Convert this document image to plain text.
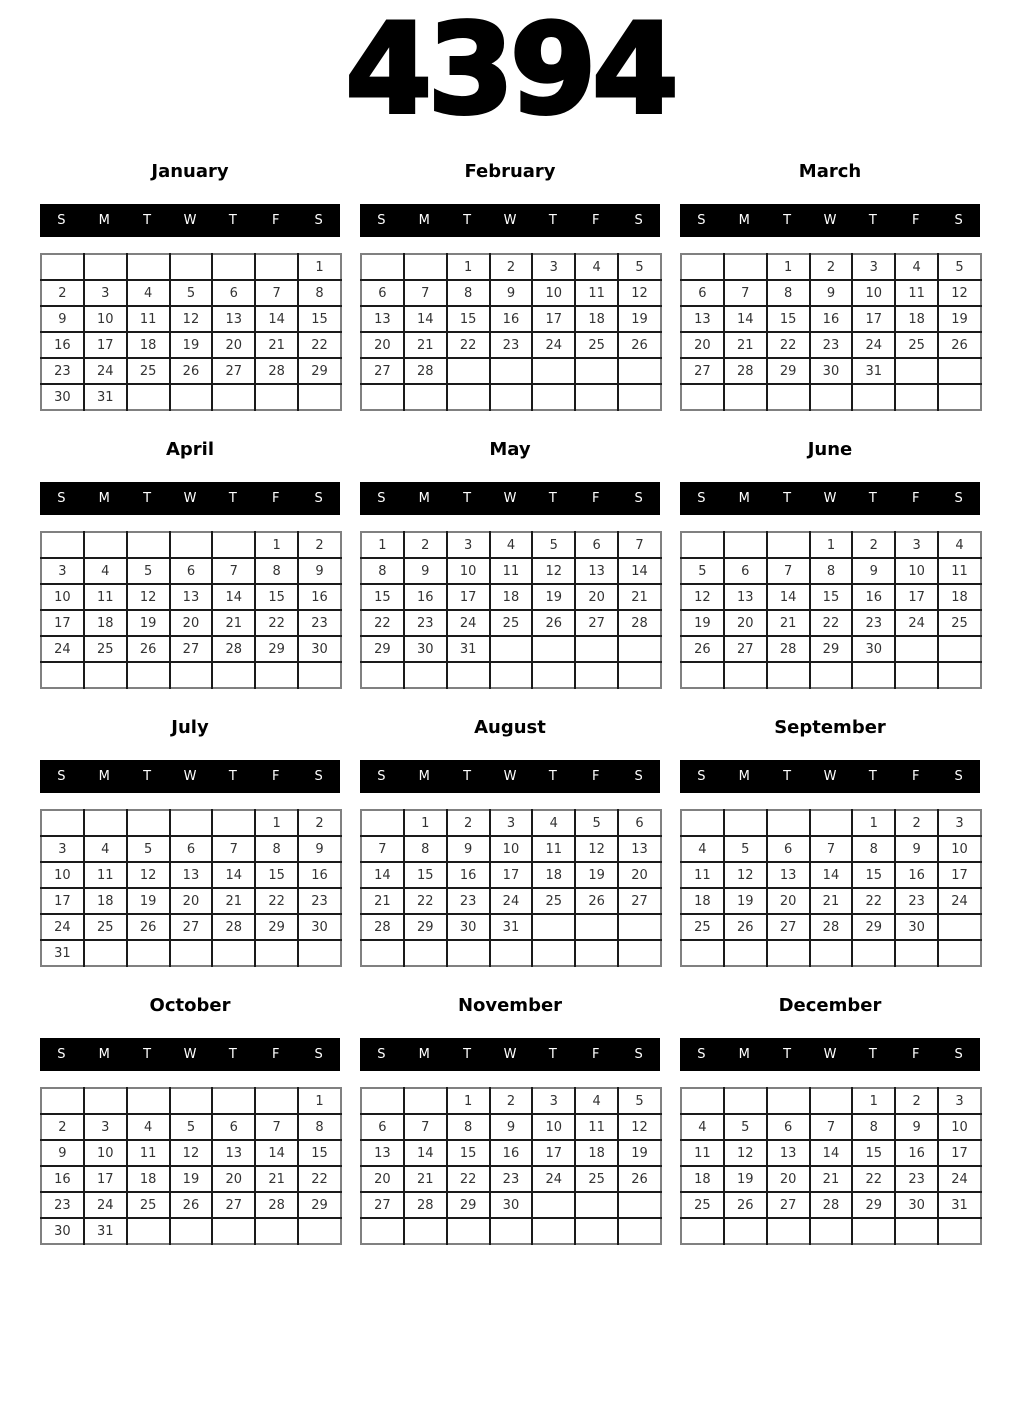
4394
January
S	M	T	W	T	F	S
						1
2	3	4	5	6	7	8
9	10	11	12	13	14	15
16	17	18	19	20	21	22
23	24	25	26	27	28	29
30	31					
February
S	M	T	W	T	F	S
		1	2	3	4	5
6	7	8	9	10	11	12
13	14	15	16	17	18	19
20	21	22	23	24	25	26
27	28					

March
S	M	T	W	T	F	S
		1	2	3	4	5
6	7	8	9	10	11	12
13	14	15	16	17	18	19
20	21	22	23	24	25	26
27	28	29	30	31		

April
S	M	T	W	T	F	S
					1	2
3	4	5	6	7	8	9
10	11	12	13	14	15	16
17	18	19	20	21	22	23
24	25	26	27	28	29	30

May
S	M	T	W	T	F	S
1	2	3	4	5	6	7
8	9	10	11	12	13	14
15	16	17	18	19	20	21
22	23	24	25	26	27	28
29	30	31				

June
S	M	T	W	T	F	S
			1	2	3	4
5	6	7	8	9	10	11
12	13	14	15	16	17	18
19	20	21	22	23	24	25
26	27	28	29	30		

July
S	M	T	W	T	F	S
					1	2
3	4	5	6	7	8	9
10	11	12	13	14	15	16
17	18	19	20	21	22	23
24	25	26	27	28	29	30
31						
August
S	M	T	W	T	F	S
	1	2	3	4	5	6
7	8	9	10	11	12	13
14	15	16	17	18	19	20
21	22	23	24	25	26	27
28	29	30	31			

September
S	M	T	W	T	F	S
				1	2	3
4	5	6	7	8	9	10
11	12	13	14	15	16	17
18	19	20	21	22	23	24
25	26	27	28	29	30	

October
S	M	T	W	T	F	S
						1
2	3	4	5	6	7	8
9	10	11	12	13	14	15
16	17	18	19	20	21	22
23	24	25	26	27	28	29
30	31					
November
S	M	T	W	T	F	S
		1	2	3	4	5
6	7	8	9	10	11	12
13	14	15	16	17	18	19
20	21	22	23	24	25	26
27	28	29	30			

December
S	M	T	W	T	F	S
				1	2	3
4	5	6	7	8	9	10
11	12	13	14	15	16	17
18	19	20	21	22	23	24
25	26	27	28	29	30	31
